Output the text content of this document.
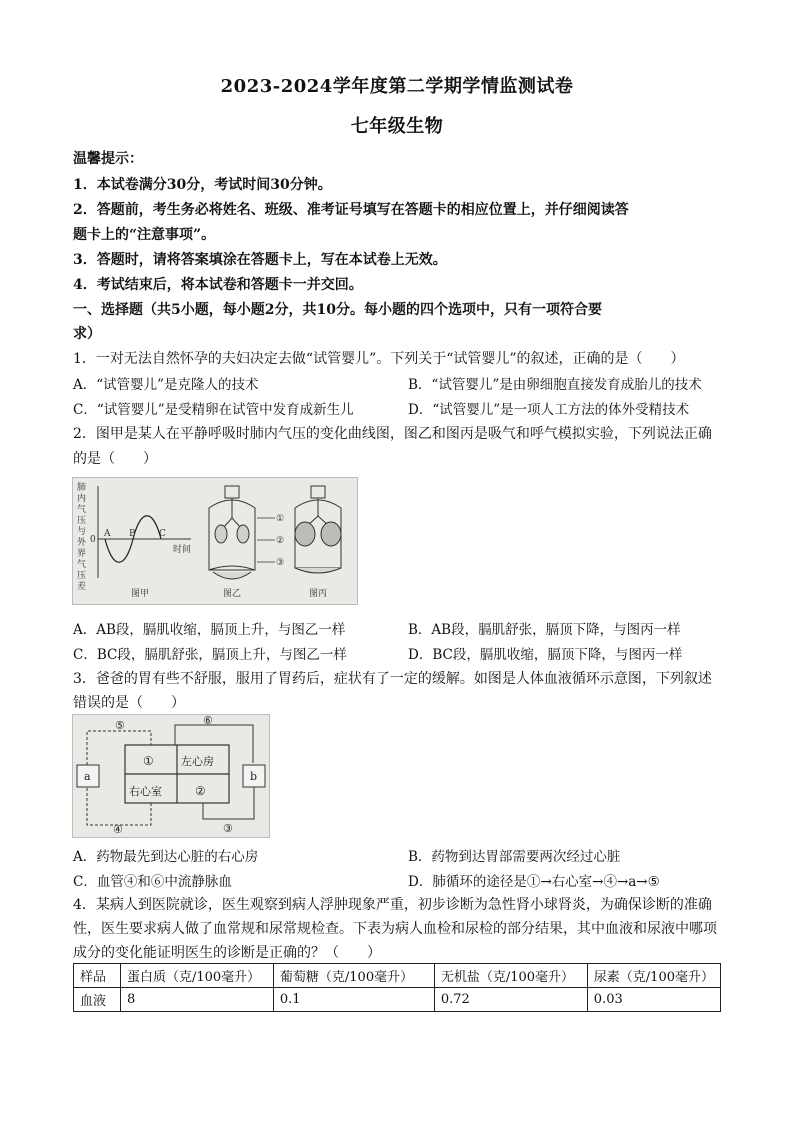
2023-2024学年度第二学期学情监测试卷
七年级生物
温馨提示：
1．本试卷满分30分，考试时间30分钟。
2．答题前，考生务必将姓名、班级、准考证号填写在答题卡的相应位置上，并仔细阅读答
题卡上的“注意事项”。
3．答题时，请将答案填涂在答题卡上，写在本试卷上无效。
4．考试结束后，将本试卷和答题卡一并交回。
一、选择题（共5小题，每小题2分，共10分。每小题的四个选项中，只有一项符合要
求）
1．一对无法自然怀孕的夫妇决定去做“试管婴儿”。下列关于“试管婴儿”的叙述，正确的是（　　）
A．“试管婴儿”是克隆人的技术	B．“试管婴儿”是由卵细胞直接发育成胎儿的技术
C．“试管婴儿”是受精卵在试管中发育成新生儿	D．“试管婴儿”是一项人工方法的体外受精技术
2．图甲是某人在平静呼吸时肺内气压的变化曲线图，图乙和图丙是吸气和呼气模拟实验，下列说法正确
的是（　　）
肺
内
气
压
与
外
界
气
压
差
0
A B	C
时间
图甲	图乙
①
②
③
图丙
A．AB段，膈肌收缩，膈顶上升，与图乙一样	B．AB段，膈肌舒张，膈顶下降，与图丙一样
C．BC段，膈肌舒张，膈顶上升，与图乙一样	D．BC段，膈肌收缩，膈顶下降，与图丙一样
3．爸爸的胃有些不舒服，服用了胃药后，症状有了一定的缓解。如图是人体血液循环示意图，下列叙述
错误的是（　　）
⑤	⑥
① 左心房
右心室	②
a	b
④	③
A．药物最先到达心脏的右心房	B．药物到达胃部需要两次经过心脏
C．血管④和⑥中流静脉血	D．肺循环的途径是①→右心室→④→a→⑤
4．某病人到医院就诊，医生观察到病人浮肿现象严重，初步诊断为急性肾小球肾炎，为确保诊断的准确
性，医生要求病人做了血常规和尿常规检查。下表为病人血检和尿检的部分结果，其中血液和尿液中哪项
成分的变化能证明医生的诊断是正确的？（　　）
样品	蛋白质（克/100毫升）	葡萄糖（克/100毫升）	无机盐（克/100毫升）	尿素（克/100毫升）
血液	8	0.1	0.72	0.03
